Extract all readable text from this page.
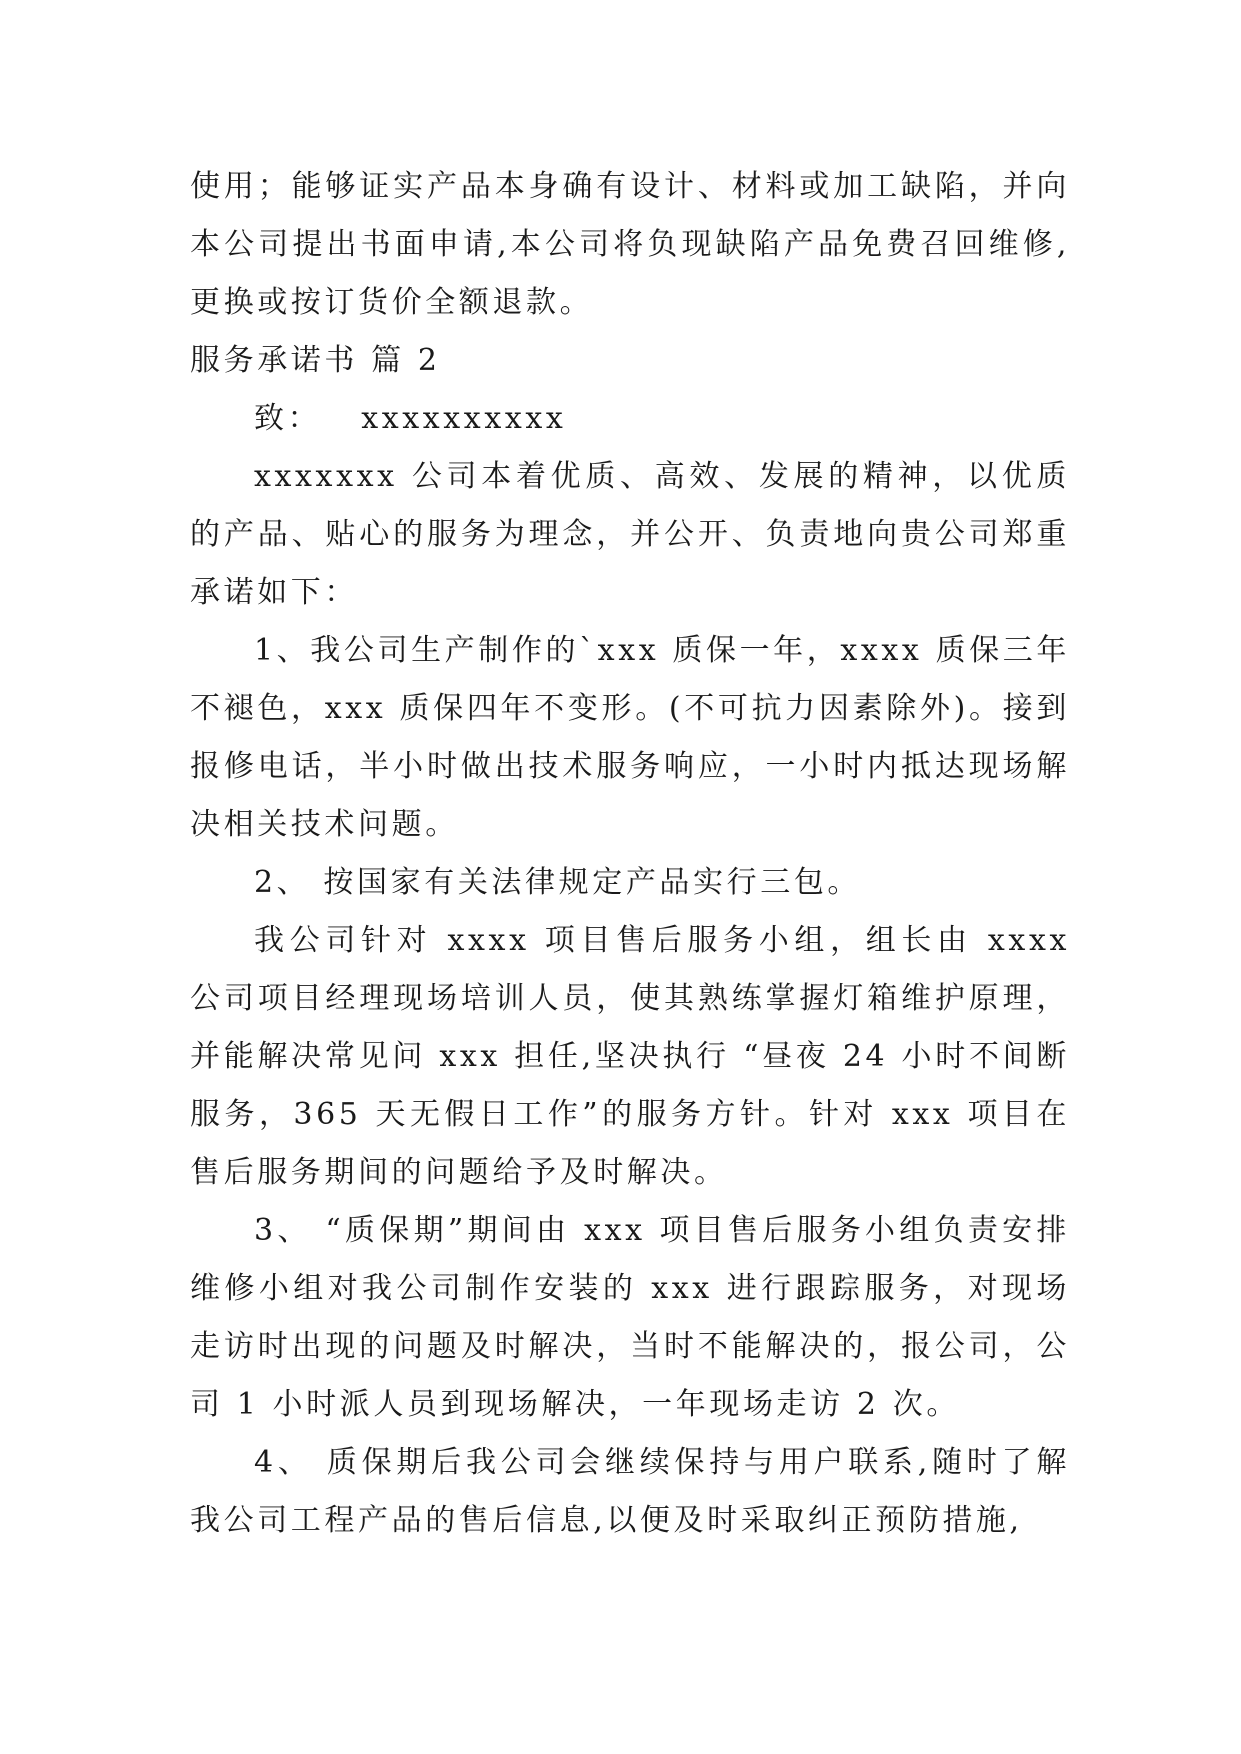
使用；能够证实产品本身确有设计、材料或加工缺陷，并向本公司提出书面申请,本公司将负现缺陷产品免费召回维修,更换或按订货价全额退款。

服务承诺书 篇 2

致： xxxxxxxxxx

xxxxxxx 公司本着优质、高效、发展的精神，以优质的产品、贴心的服务为理念，并公开、负责地向贵公司郑重承诺如下：

1、我公司生产制作的`xxx 质保一年，xxxx 质保三年不褪色，xxx 质保四年不变形。(不可抗力因素除外)。接到报修电话，半小时做出技术服务响应，一小时内抵达现场解决相关技术问题。

2、 按国家有关法律规定产品实行三包。

我公司针对 xxxx 项目售后服务小组，组长由 xxxx 公司项目经理现场培训人员，使其熟练掌握灯箱维护原理，并能解决常见问 xxx 担任,坚决执行 “昼夜 24 小时不间断服务，365 天无假日工作”的服务方针。针对 xxx 项目在售后服务期间的问题给予及时解决。

3、 “质保期”期间由 xxx 项目售后服务小组负责安排维修小组对我公司制作安装的 xxx 进行跟踪服务，对现场走访时出现的问题及时解决，当时不能解决的，报公司，公司 1 小时派人员到现场解决，一年现场走访 2 次。

4、 质保期后我公司会继续保持与用户联系,随时了解我公司工程产品的售后信息,以便及时采取纠正预防措施,
